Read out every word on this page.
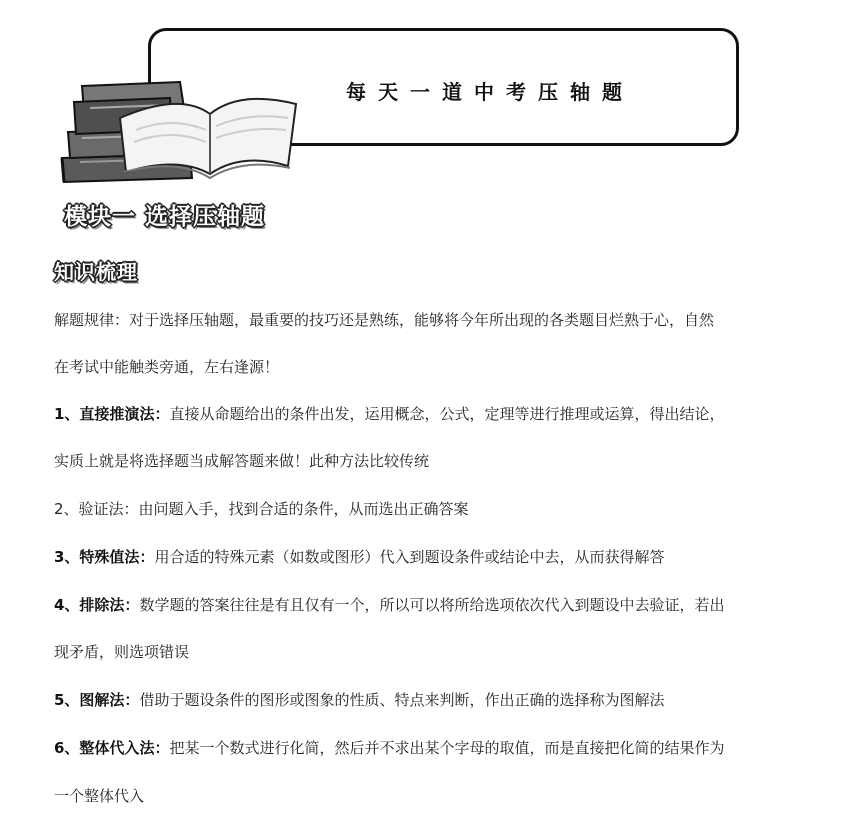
每天一道中考压轴题
模块一 选择压轴题
知识梳理
解题规律：对于选择压轴题，最重要的技巧还是熟练，能够将今年所出现的各类题目烂熟于心，自然
在考试中能触类旁通，左右逢源！
1、直接推演法：直接从命题给出的条件出发，运用概念，公式，定理等进行推理或运算，得出结论，
实质上就是将选择题当成解答题来做！此种方法比较传统
2、验证法：由问题入手，找到合适的条件，从而选出正确答案
3、特殊值法：用合适的特殊元素（如数或图形）代入到题设条件或结论中去，从而获得解答
4、排除法：数学题的答案往往是有且仅有一个，所以可以将所给选项依次代入到题设中去验证，若出
现矛盾，则选项错误
5、图解法：借助于题设条件的图形或图象的性质、特点来判断，作出正确的选择称为图解法
6、整体代入法：把某一个数式进行化简，然后并不求出某个字母的取值，而是直接把化简的结果作为
一个整体代入
